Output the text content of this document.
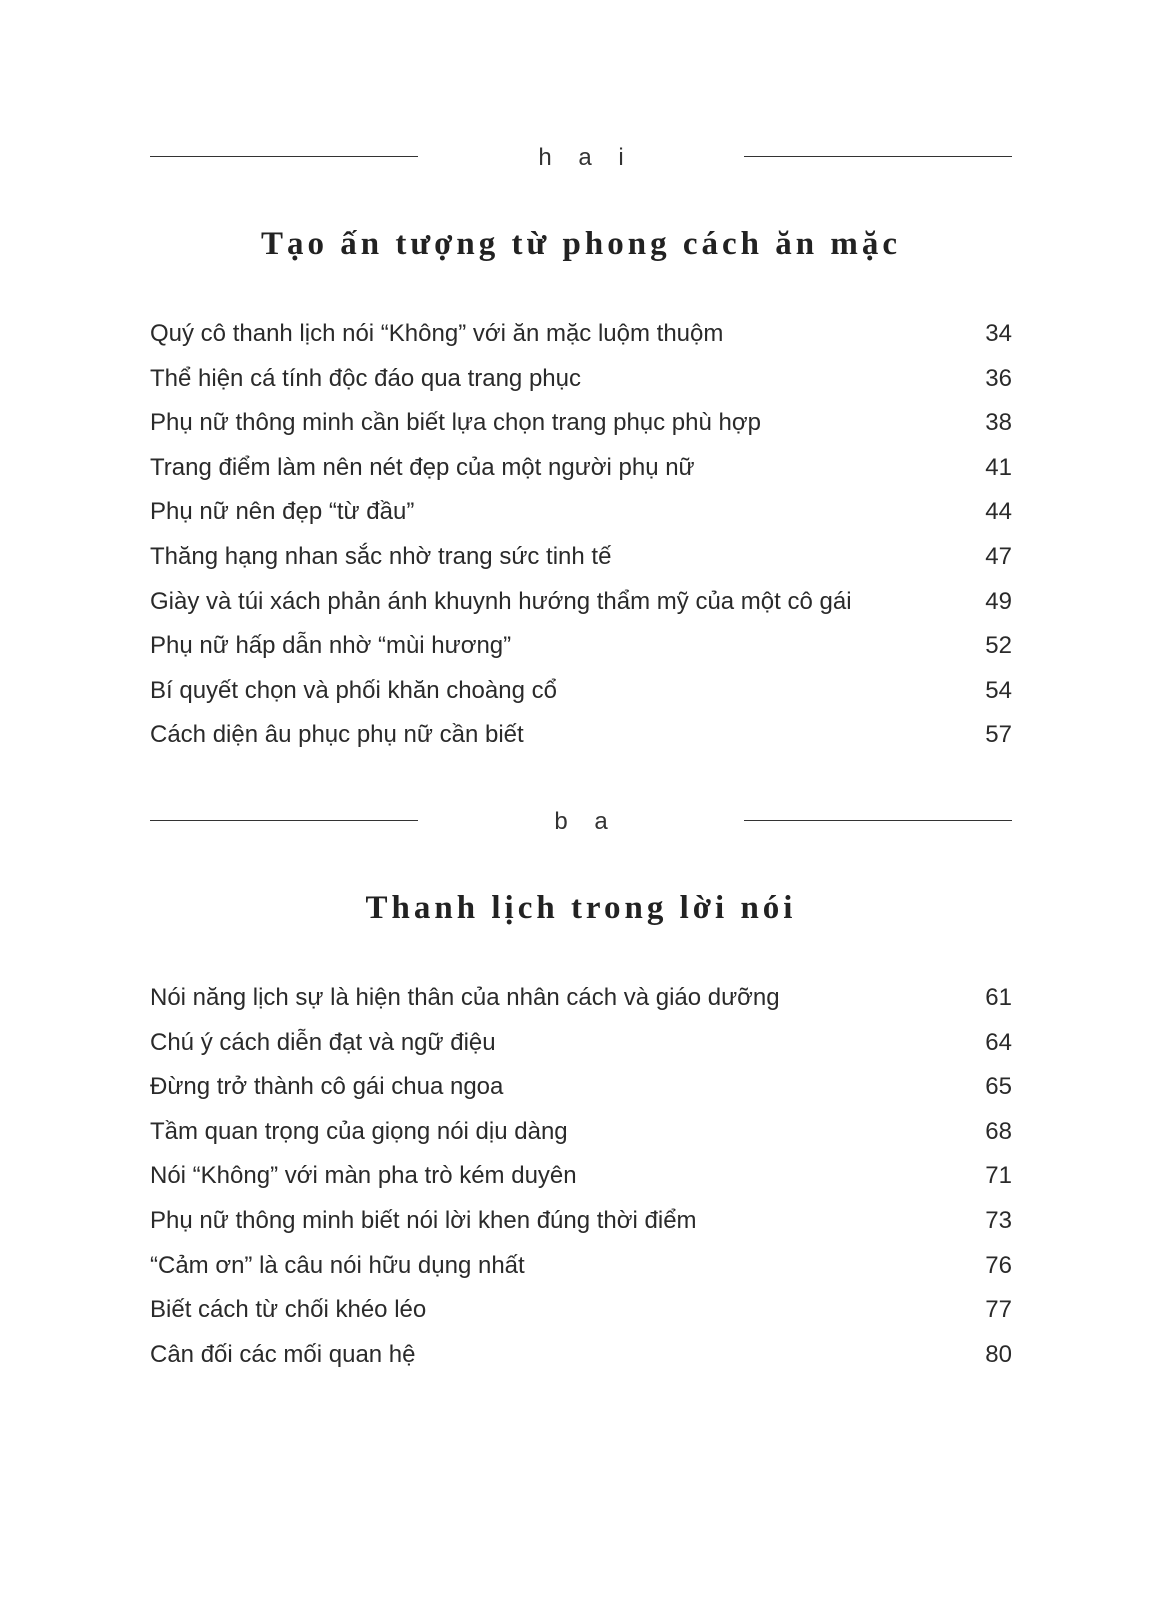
h a i
Tạo ấn tượng từ phong cách ăn mặc
Quý cô thanh lịch nói “Không” với ăn mặc luộm thuộm	34
Thể hiện cá tính độc đáo qua trang phục	36
Phụ nữ thông minh cần biết lựa chọn trang phục phù hợp	38
Trang điểm làm nên nét đẹp của một người phụ nữ	41
Phụ nữ nên đẹp “từ đầu”	44
Thăng hạng nhan sắc nhờ trang sức tinh tế	47
Giày và túi xách phản ánh khuynh hướng thẩm mỹ của một cô gái	49
Phụ nữ hấp dẫn nhờ “mùi hương”	52
Bí quyết chọn và phối khăn choàng cổ	54
Cách diện âu phục phụ nữ cần biết	57
b a
Thanh lịch trong lời nói
Nói năng lịch sự là hiện thân của nhân cách và giáo dưỡng	61
Chú ý cách diễn đạt và ngữ điệu	64
Đừng trở thành cô gái chua ngoa	65
Tầm quan trọng của giọng nói dịu dàng	68
Nói “Không” với màn pha trò kém duyên	71
Phụ nữ thông minh biết nói lời khen đúng thời điểm	73
“Cảm ơn” là câu nói hữu dụng nhất	76
Biết cách từ chối khéo léo	77
Cân đối các mối quan hệ	80
